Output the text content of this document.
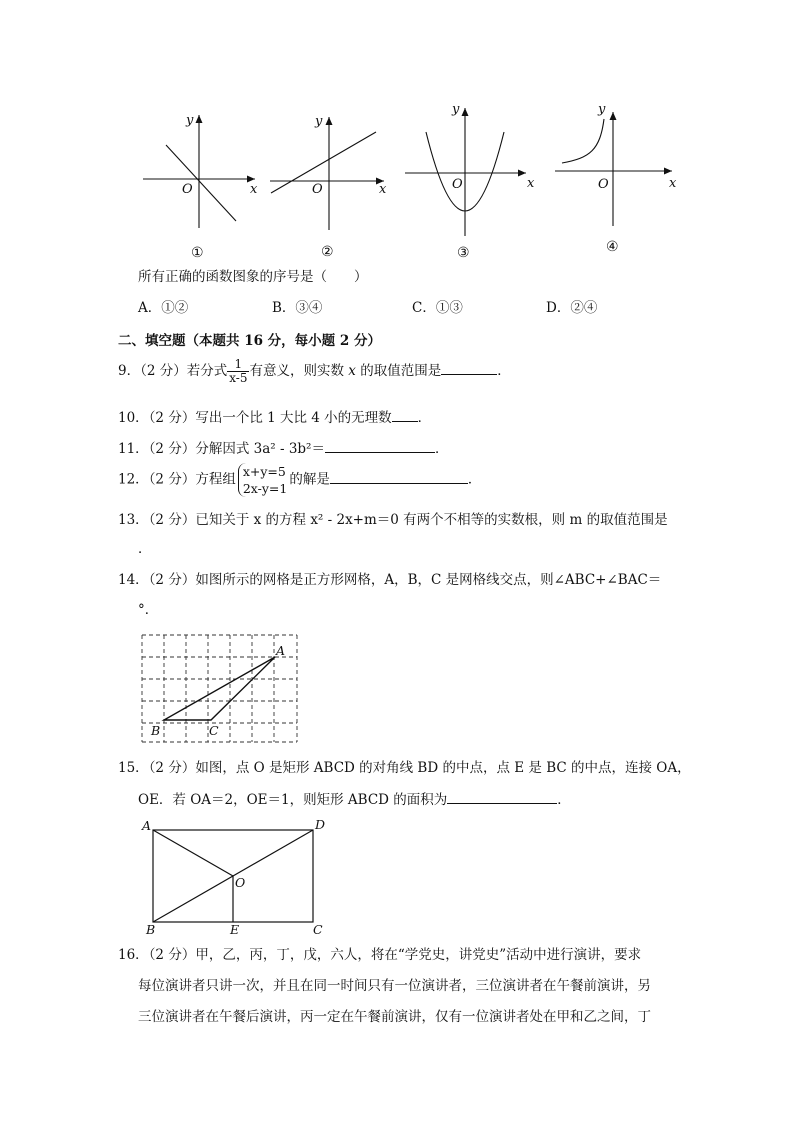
y
O	x
y
O	x
y
O	x
y
O	x
①	②	③	④
所有正确的函数图象的序号是（　　）
A．①②	B．③④	C．①③	D．②④
二、填空题（本题共 16 分，每小题 2 分）
9．（2 分）若分式 $\frac{1}{x-5}$ 有意义，则实数 x 的取值范围是	．
10．（2 分）写出一个比 1 大比 4 小的无理数 ．
11．（2 分）分解因式 3a² - 3b²＝	．
12．（2 分）方程组 x+y=5
2x-y=1
的解是	．
13．（2 分）已知关于 x 的方程 x² - 2x+m＝0 有两个不相等的实数根，则 m 的取值范围是
．
14．（2 分）如图所示的网格是正方形网格，A，B，C 是网格线交点，则∠ABC+∠BAC＝
°．
A
B	C
15．（2 分）如图，点 O 是矩形 ABCD 的对角线 BD 的中点，点 E 是 BC 的中点，连接 OA，
OE．若 OA＝2，OE＝1，则矩形 ABCD 的面积为	．
A	D
O
B	E	C
16．（2 分）甲，乙，丙，丁，戊，六人，将在“学党史，讲党史”活动中进行演讲，要求
每位演讲者只讲一次，并且在同一时间只有一位演讲者，三位演讲者在午餐前演讲，另
三位演讲者在午餐后演讲，丙一定在午餐前演讲，仅有一位演讲者处在甲和乙之间，丁
